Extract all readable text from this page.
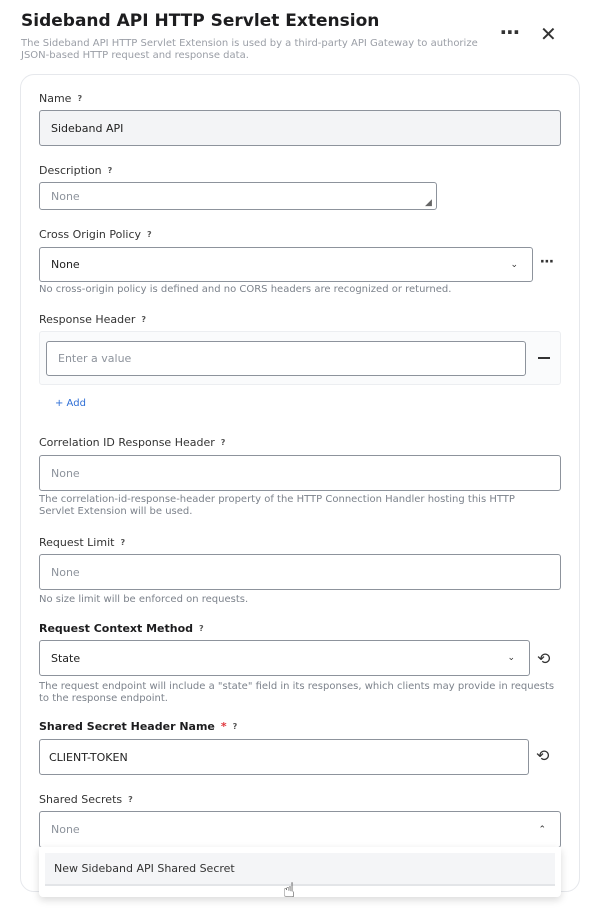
Sideband API HTTP Servlet Extension
The Sideband API HTTP Servlet Extension is used by a third-party API Gateway to authorize JSON-based HTTP request and response data.
⋯ ✕
Name ?
Sideband API
Description ?
None
◢
Cross Origin Policy ?
None	⌄ ⋯
No cross-origin policy is defined and no CORS headers are recognized or returned.
Response Header ?
Enter a value
+ Add
Correlation ID Response Header ?
None
The correlation-id-response-header property of the HTTP Connection Handler hosting this HTTP Servlet Extension will be used.
Request Limit ?
None
No size limit will be enforced on requests.
Request Context Method ?
State	⌄ ⟲
The request endpoint will include a "state" field in its responses, which clients may provide in requests to the response endpoint.
Shared Secret Header Name * ?
CLIENT-TOKEN	⟲
Shared Secrets ?
None	⌃
New Sideband API Shared Secret
☝
